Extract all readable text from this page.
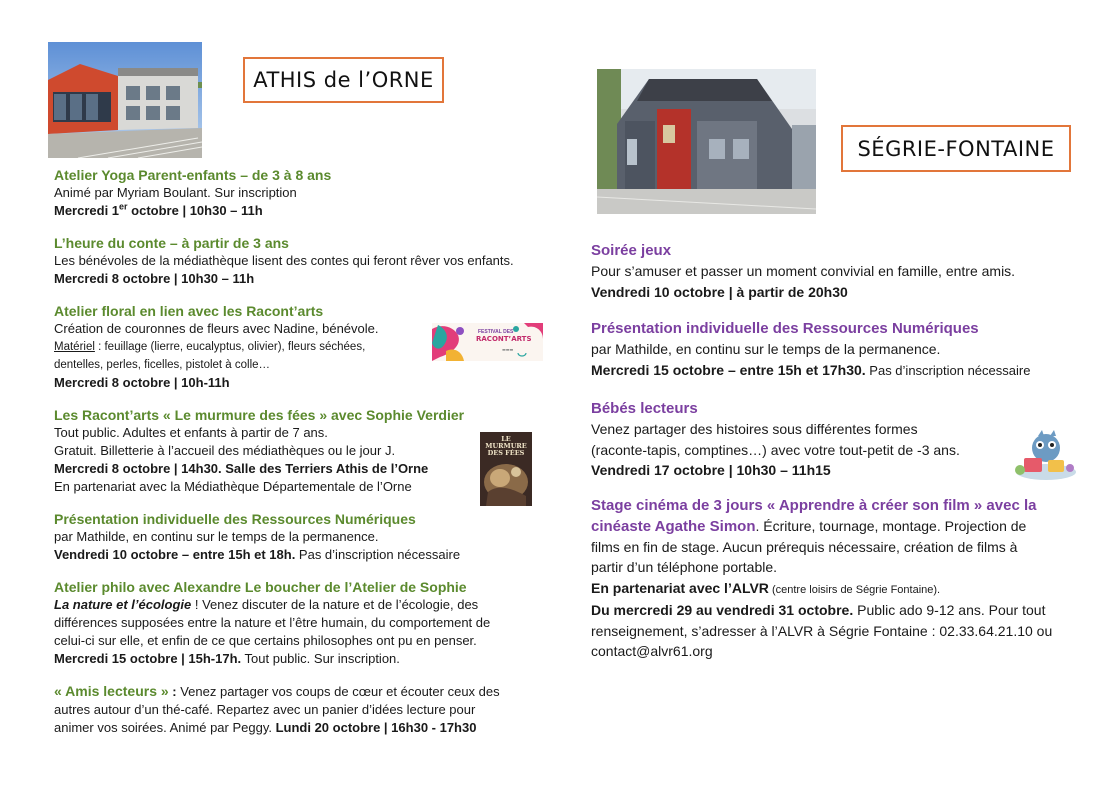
ATHIS de l’ORNE
SÉGRIE-FONTAINE
Atelier Yoga Parent-enfants – de 3 à 8 ans
Animé par Myriam Boulant. Sur inscription
Mercredi 1er octobre | 10h30 – 11h
L’heure du conte – à partir de 3 ans
Les bénévoles de la médiathèque lisent des contes qui feront rêver vos enfants.
Mercredi 8 octobre | 10h30 – 11h
Atelier floral en lien avec les Racont’arts
Création de couronnes de fleurs avec Nadine, bénévole.
Matériel : feuillage (lierre, eucalyptus, olivier), fleurs séchées,
dentelles, perles, ficelles, pistolet à colle…
Mercredi 8 octobre | 10h-11h
Les Racont’arts « Le murmure des fées » avec Sophie Verdier
Tout public. Adultes et enfants à partir de 7 ans.
Gratuit. Billetterie à l’accueil des médiathèques ou le jour J.
Mercredi 8 octobre | 14h30. Salle des Terriers Athis de l’Orne
En partenariat avec la Médiathèque Départementale de l’Orne
Présentation individuelle des Ressources Numériques
par Mathilde, en continu sur le temps de la permanence.
Vendredi 10 octobre – entre 15h et 18h. Pas d’inscription nécessaire
Atelier philo avec Alexandre Le boucher de l’Atelier de Sophie
La nature et l’écologie ! Venez discuter de la nature et de l’écologie, des
différences supposées entre la nature et l’être humain, du comportement de
celui-ci sur elle, et enfin de ce que certains philosophes ont pu en penser.
Mercredi 15 octobre | 15h-17h. Tout public. Sur inscription.
« Amis lecteurs » : Venez partager vos coups de cœur et écouter ceux des
autres autour d’un thé-café. Repartez avec un panier d’idées lecture pour
animer vos soirées. Animé par Peggy. Lundi 20 octobre | 16h30 - 17h30
▬▬▬
FESTIVAL DES
RACONT’ARTS
LE MURMURE DES FÉES
Soirée jeux
Pour s’amuser et passer un moment convivial en famille, entre amis.
Vendredi 10 octobre | à partir de 20h30
Présentation individuelle des Ressources Numériques
par Mathilde, en continu sur le temps de la permanence.
Mercredi 15 octobre – entre 15h et 17h30. Pas d’inscription nécessaire
Bébés lecteurs
Venez partager des histoires sous différentes formes
(raconte-tapis, comptines…) avec votre tout-petit de -3 ans.
Vendredi 17 octobre | 10h30 – 11h15
Stage cinéma de 3 jours « Apprendre à créer son film » avec la
cinéaste Agathe Simon. Écriture, tournage, montage. Projection de
films en fin de stage. Aucun prérequis nécessaire, création de films à
partir d’un téléphone portable.
En partenariat avec l’ALVR (centre loisirs de Ségrie Fontaine).
Du mercredi 29 au vendredi 31 octobre. Public ado 9-12 ans. Pour tout
renseignement, s’adresser à l’ALVR à Ségrie Fontaine : 02.33.64.21.10 ou
contact@alvr61.org
